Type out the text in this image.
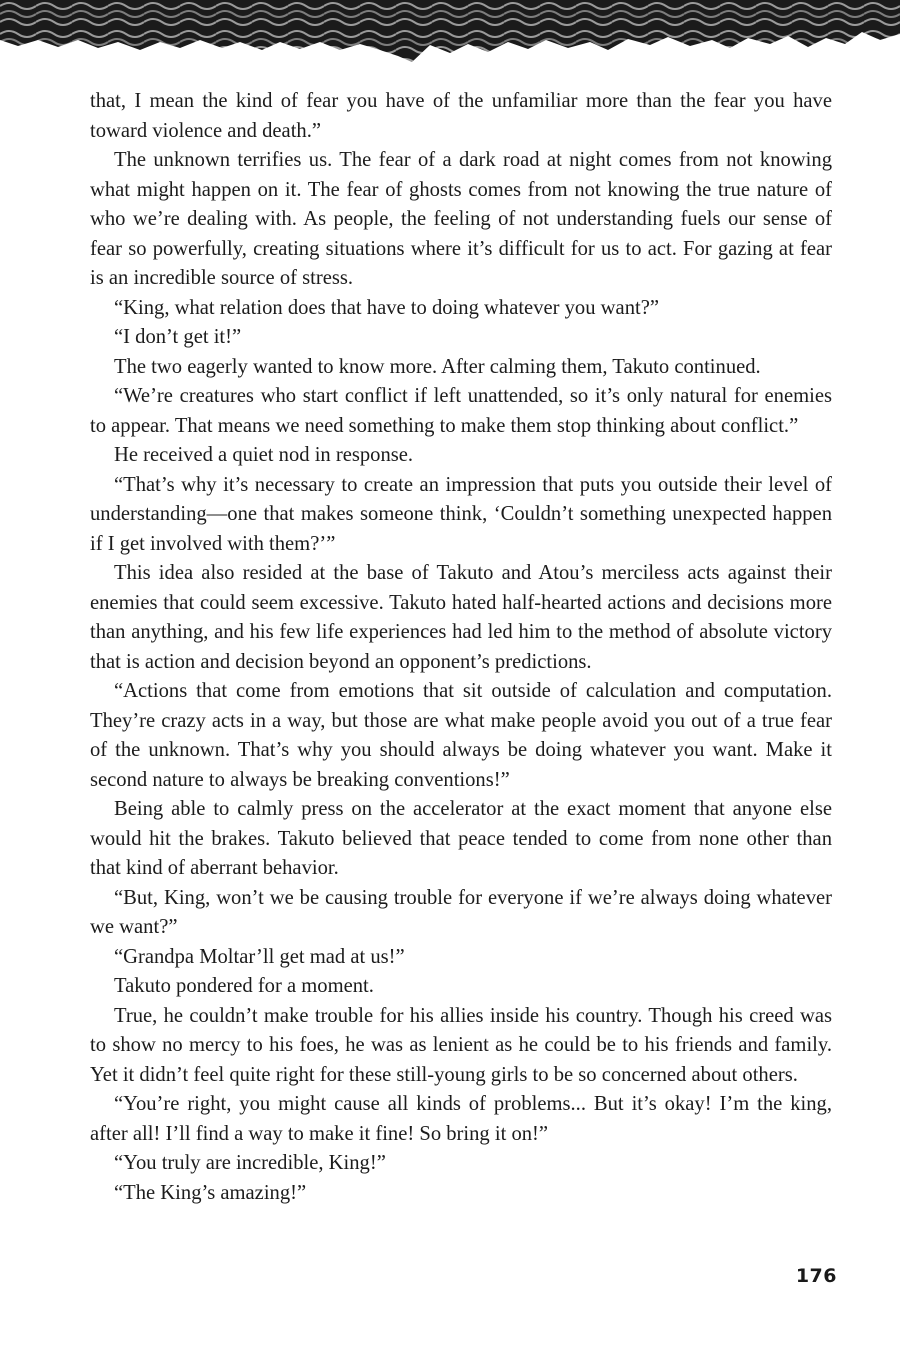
that, I mean the kind of fear you have of the unfamiliar more than the fear you have toward violence and death.”

The unknown terrifies us. The fear of a dark road at night comes from not knowing what might happen on it. The fear of ghosts comes from not knowing the true nature of who we’re dealing with. As people, the feeling of not understanding fuels our sense of fear so powerfully, creating situations where it’s difficult for us to act. For gazing at fear is an incredible source of stress.

“King, what relation does that have to doing whatever you want?”

“I don’t get it!”

The two eagerly wanted to know more. After calming them, Takuto continued.

“We’re creatures who start conflict if left unattended, so it’s only natural for enemies to appear. That means we need something to make them stop thinking about conflict.”

He received a quiet nod in response.

“That’s why it’s necessary to create an impression that puts you outside their level of understanding—one that makes someone think, ‘Couldn’t something unexpected happen if I get involved with them?’”

This idea also resided at the base of Takuto and Atou’s merciless acts against their enemies that could seem excessive. Takuto hated half-hearted actions and decisions more than anything, and his few life experiences had led him to the method of absolute victory that is action and decision beyond an opponent’s predictions.

“Actions that come from emotions that sit outside of calculation and computation. They’re crazy acts in a way, but those are what make people avoid you out of a true fear of the unknown. That’s why you should always be doing whatever you want. Make it second nature to always be breaking conventions!”

Being able to calmly press on the accelerator at the exact moment that anyone else would hit the brakes. Takuto believed that peace tended to come from none other than that kind of aberrant behavior.

“But, King, won’t we be causing trouble for everyone if we’re always doing whatever we want?”

“Grandpa Moltar’ll get mad at us!”

Takuto pondered for a moment.

True, he couldn’t make trouble for his allies inside his country. Though his creed was to show no mercy to his foes, he was as lenient as he could be to his friends and family. Yet it didn’t feel quite right for these still-young girls to be so concerned about others.

“You’re right, you might cause all kinds of problems... But it’s okay! I’m the king, after all! I’ll find a way to make it fine! So bring it on!”

“You truly are incredible, King!”

“The King’s amazing!”

176
